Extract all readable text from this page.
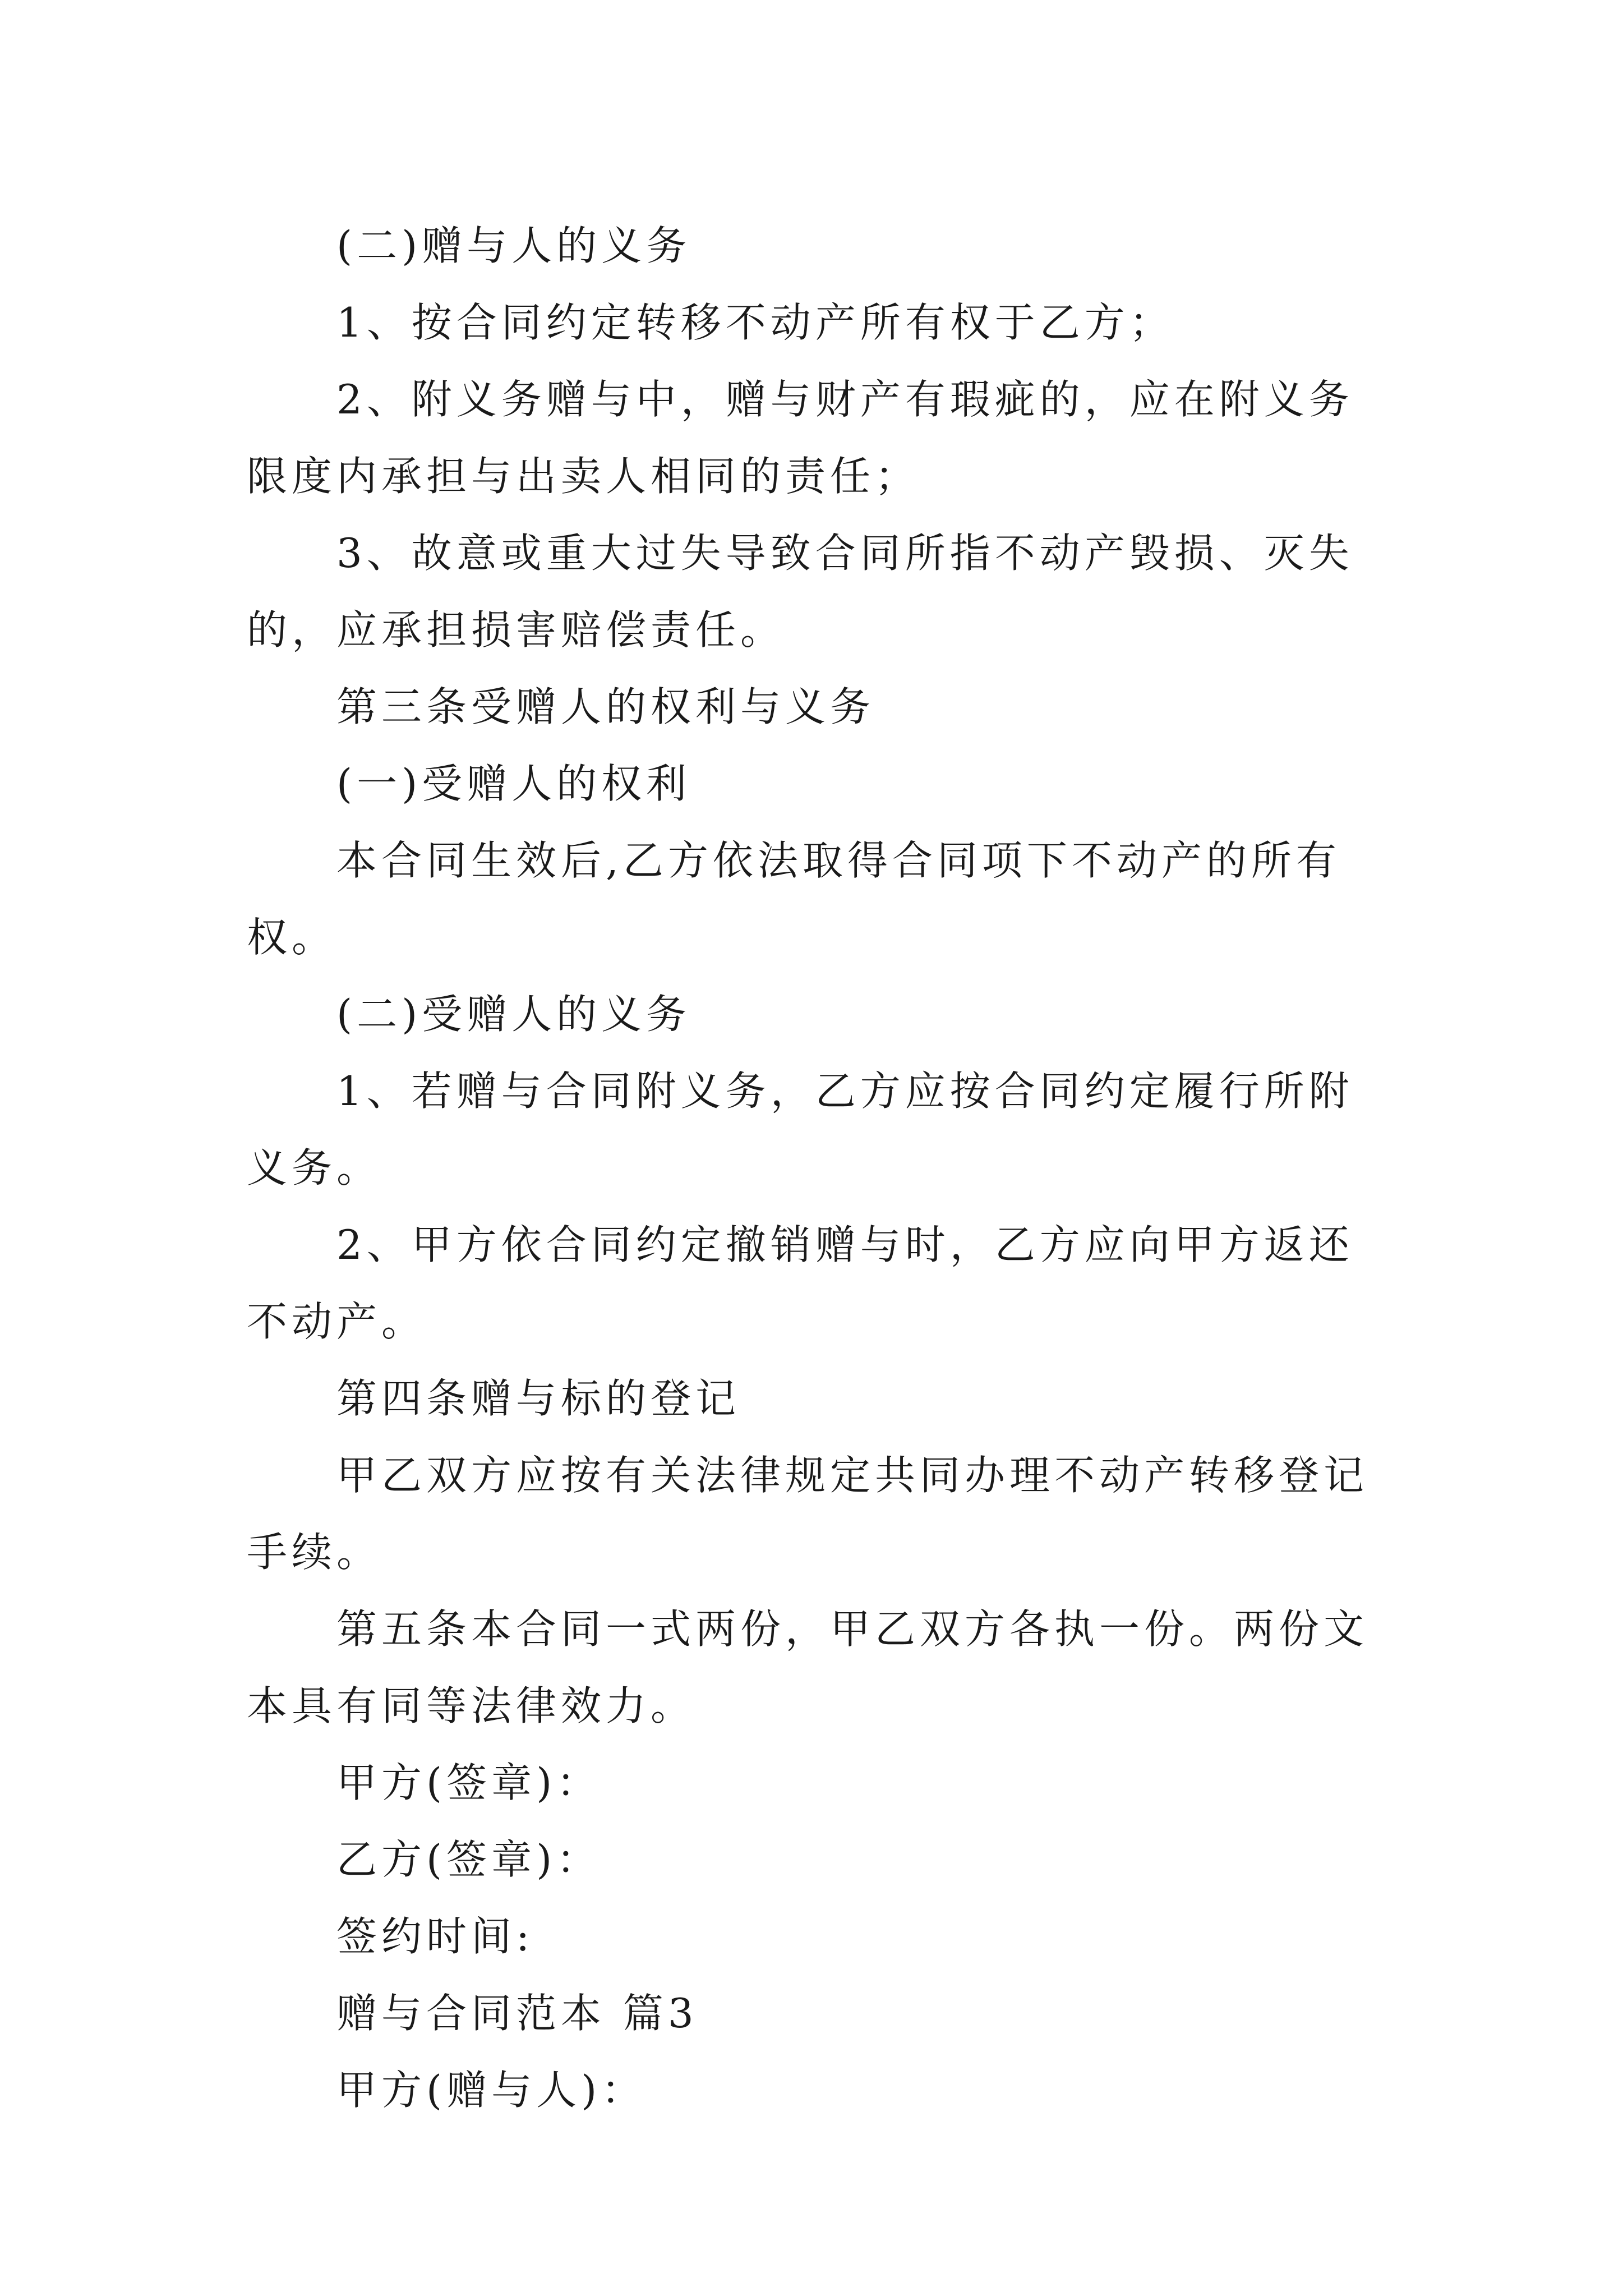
(二)赠与人的义务

1、按合同约定转移不动产所有权于乙方；

2、附义务赠与中，赠与财产有瑕疵的，应在附义务限度内承担与出卖人相同的责任；

3、故意或重大过失导致合同所指不动产毁损、灭失的，应承担损害赔偿责任。

第三条受赠人的权利与义务

(一)受赠人的权利

本合同生效后,乙方依法取得合同项下不动产的所有权。

(二)受赠人的义务

1、若赠与合同附义务，乙方应按合同约定履行所附义务。

2、甲方依合同约定撤销赠与时，乙方应向甲方返还不动产。

第四条赠与标的登记

甲乙双方应按有关法律规定共同办理不动产转移登记手续。

第五条本合同一式两份，甲乙双方各执一份。两份文本具有同等法律效力。

甲方(签章)：

乙方(签章)：

签约时间:

赠与合同范本 篇3

甲方(赠与人)：
